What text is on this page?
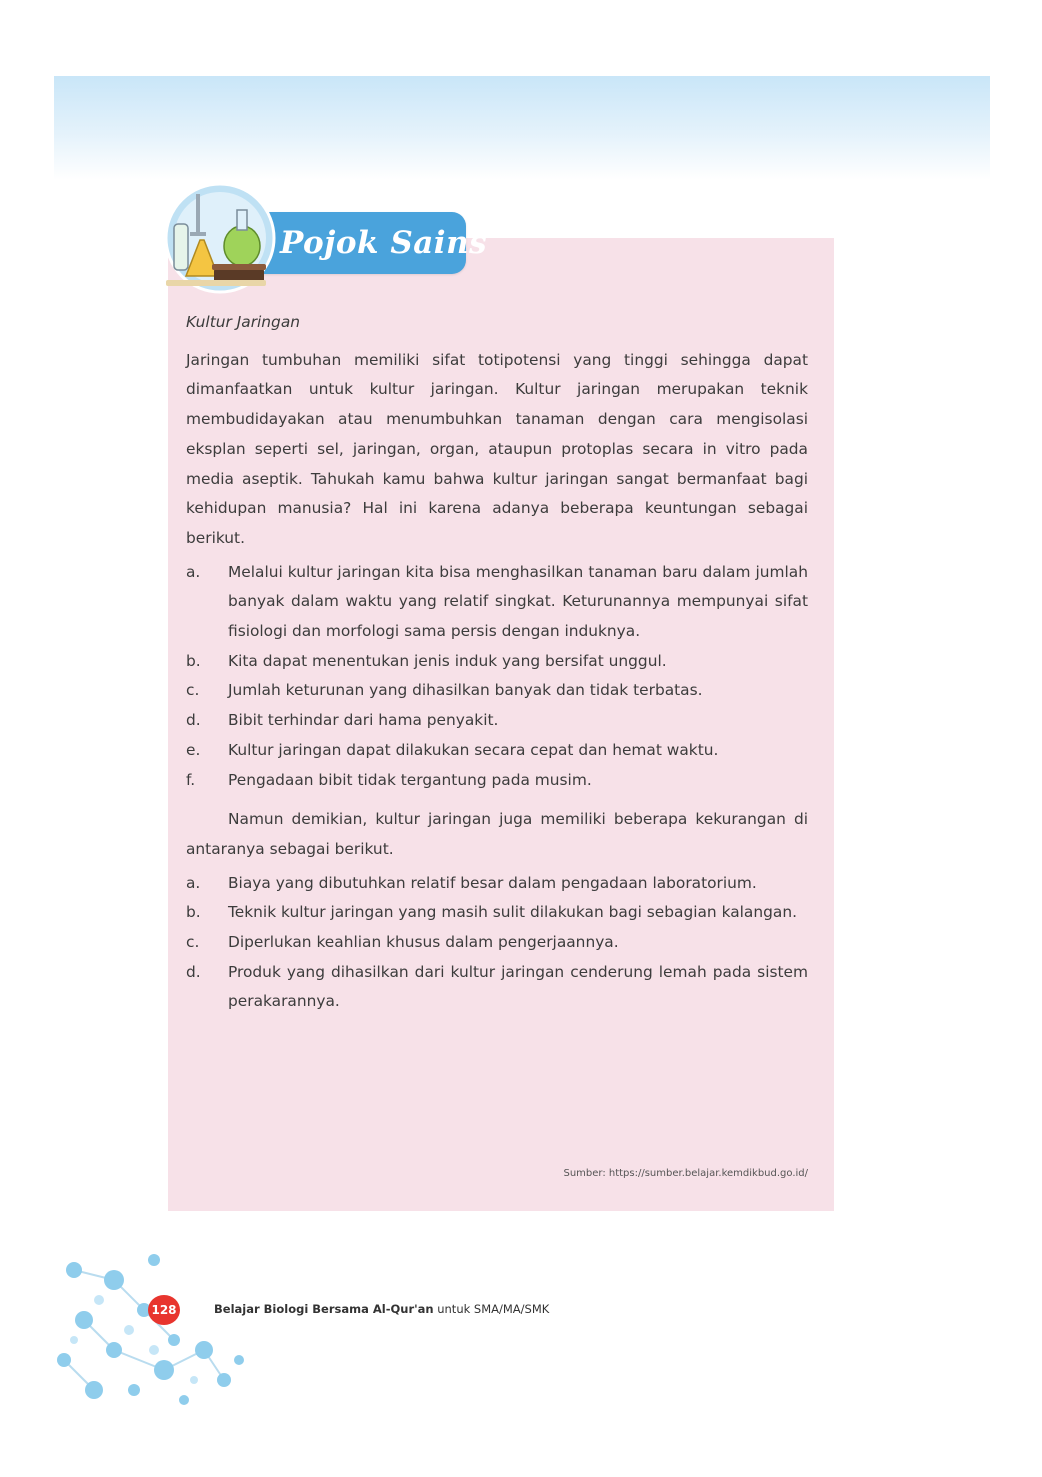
Pojok Sains
Kultur Jaringan
Jaringan tumbuhan memiliki sifat totipotensi yang tinggi sehingga dapat dimanfaatkan untuk kultur jaringan. Kultur jaringan merupakan teknik membudidayakan atau menumbuhkan tanaman dengan cara mengisolasi eksplan seperti sel, jaringan, organ, ataupun protoplas secara in vitro pada media aseptik. Tahukah kamu bahwa kultur jaringan sangat bermanfaat bagi kehidupan manusia? Hal ini karena adanya beberapa keuntungan sebagai berikut.
a.	Melalui kultur jaringan kita bisa menghasilkan tanaman baru dalam jumlah banyak dalam waktu yang relatif singkat. Keturunannya mempunyai sifat fisiologi dan morfologi sama persis dengan induknya.
b.	Kita dapat menentukan jenis induk yang bersifat unggul.
c.	Jumlah keturunan yang dihasilkan banyak dan tidak terbatas.
d.	Bibit terhindar dari hama penyakit.
e.	Kultur jaringan dapat dilakukan secara cepat dan hemat waktu.
f.	Pengadaan bibit tidak tergantung pada musim.
Namun demikian, kultur jaringan juga memiliki beberapa kekurangan di antaranya sebagai berikut.
a.	Biaya yang dibutuhkan relatif besar dalam pengadaan laboratorium.
b.	Teknik kultur jaringan yang masih sulit dilakukan bagi sebagian kalangan.
c.	Diperlukan keahlian khusus dalam pengerjaannya.
d.	Produk yang dihasilkan dari kultur jaringan cenderung lemah pada sistem perakarannya.
Sumber: https://sumber.belajar.kemdikbud.go.id/
128	Belajar Biologi Bersama Al-Qur'an untuk SMA/MA/SMK
